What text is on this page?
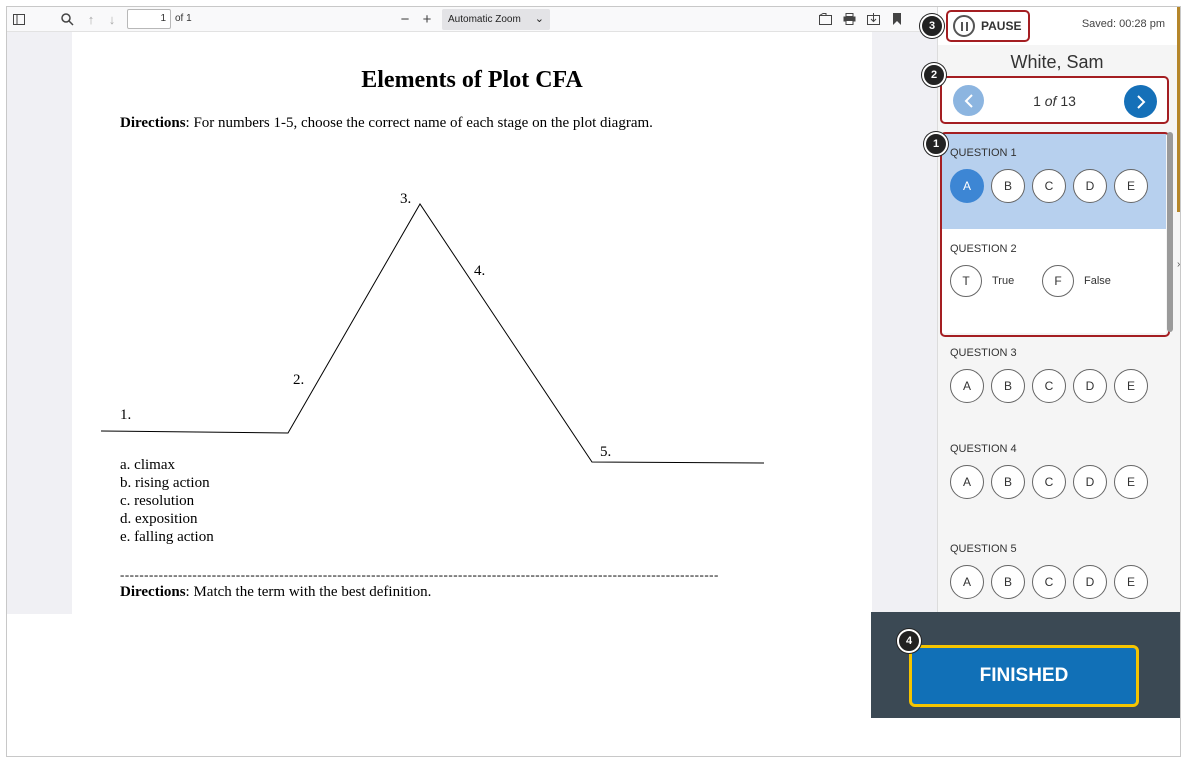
↑	↓	1 of 1	− +	Automatic Zoom ⌄
Elements of Plot CFA
Directions: For numbers 1-5, choose the correct name of each stage on the plot diagram.
1.
2.
3.
4.
5.
a. climax
b. rising action
c. resolution
d. exposition
e. falling action
----------------------------------------------------------------------------------------------------------------------------
Directions: Match the term with the best definition.
PAUSE	Saved: 00:28 pm
White, Sam
1 of 13
QUESTION 1
A	B	C	D	E
QUESTION 2
T	True	F	False
QUESTION 3
A	B	C	D	E
QUESTION 4
A	B	C	D	E
QUESTION 5
A	B	C	D	E
›
FINISHED
3
2
1
4
